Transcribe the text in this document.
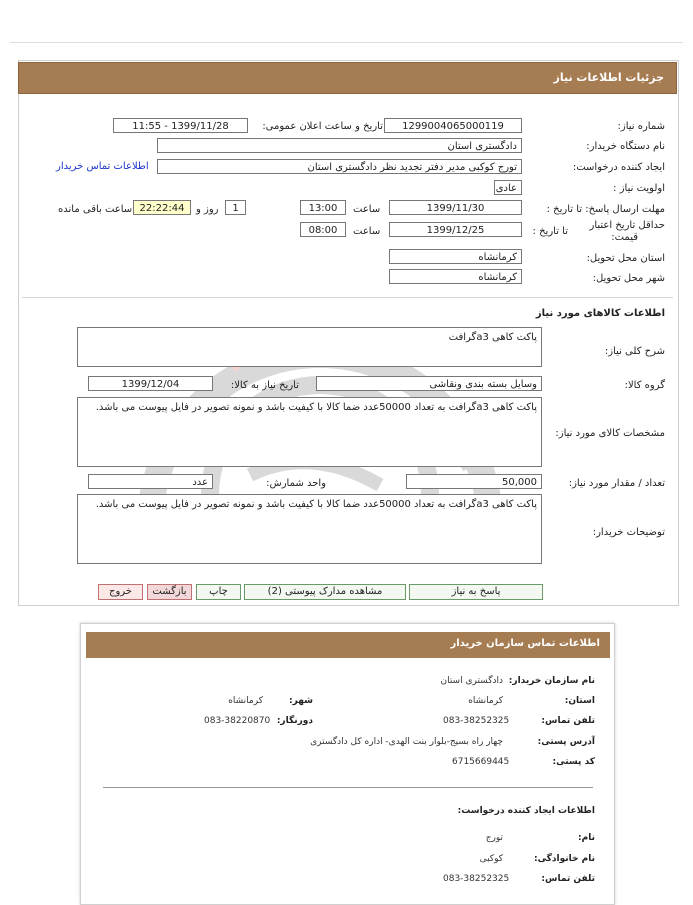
جزئیات اطلاعات نیاز
شماره نیاز:
1299004065000119
تاریخ و ساعت اعلان عمومی:
1399/11/28 - 11:55
نام دستگاه خریدار:
دادگستری استان
ایجاد کننده درخواست:
تورج کوکبی مدیر دفتر تجدید نظر دادگستری استان
اطلاعات تماس خریدار
اولویت نیاز :
عادی
مهلت ارسال پاسخ: تا تاریخ :
1399/11/30
ساعت
13:00
1
روز و
22:22:44
ساعت باقی مانده
حداقل تاریخ اعتبار
قیمت:
تا تاریخ :
1399/12/25
ساعت
08:00
استان محل تحویل:
کرمانشاه
شهر محل تحویل:
کرمانشاه
اطلاعات کالاهای مورد نیاز
شرح کلی نیاز:
پاکت کاهی a3گرافت
گروه کالا:
وسایل بسته بندی ونقاشی
تاریخ نیاز به کالا:
1399/12/04
مشخصات کالای مورد نیاز:
پاکت کاهی a3گرافت به تعداد 50000عدد ضما کالا با کیفیت باشد و نمونه تصویر در فایل پیوست می باشد.
تعداد / مقدار مورد نیاز:
50,000
واحد شمارش:
عدد
توضیحات خریدار:
پاکت کاهی a3گرافت به تعداد 50000عدد ضما کالا با کیفیت باشد و نمونه تصویر در فایل پیوست می باشد.
پاسخ به نیاز
مشاهده مدارک پیوستی (2)
چاپ
بازگشت
خروج
اطلاعات تماس سازمان خریدار
نام سازمان خریدار:
دادگستری استان
استان:
کرمانشاه
شهر:
کرمانشاه
تلفن تماس:
083-38252325
دورنگار:
083-38220870
آدرس پستی:
چهار راه بسیج-بلوار بنت الهدی- اداره کل دادگستری
کد پستی:
6715669445
اطلاعات ایجاد کننده درخواست:
نام:
تورج
نام خانوادگی:
کوکبی
تلفن تماس:
083-38252325
